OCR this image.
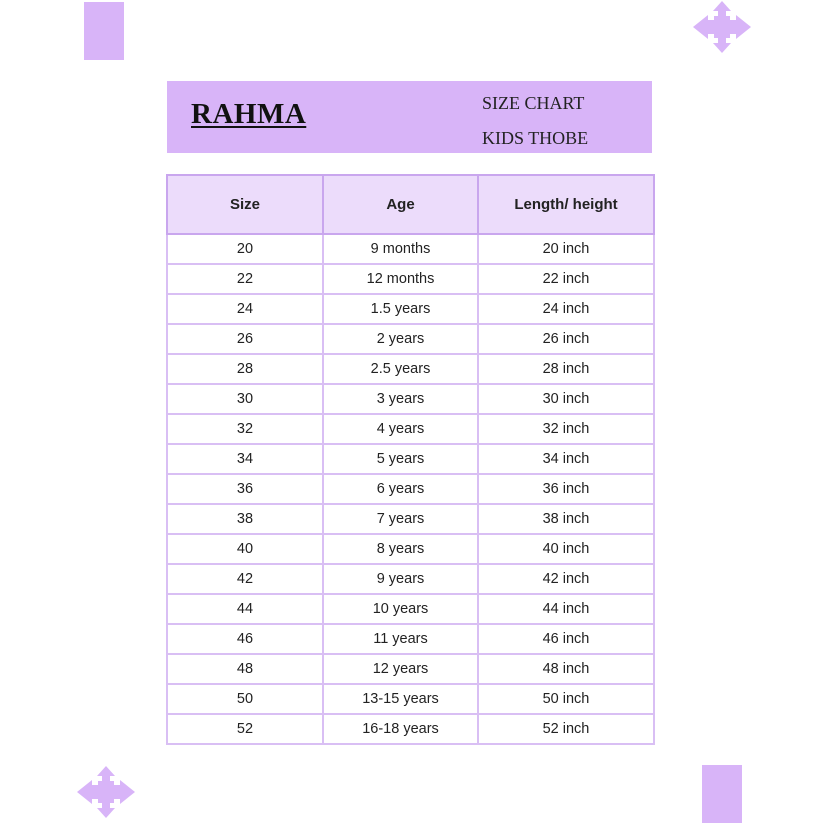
RAHMA	SIZE CHART
KIDS THOBE
Size	Age	Length/ height
20	9 months	20 inch
22	12 months	22 inch
24	1.5 years	24 inch
26	2 years	26 inch
28	2.5 years	28 inch
30	3 years	30 inch
32	4 years	32 inch
34	5 years	34 inch
36	6 years	36 inch
38	7 years	38 inch
40	8 years	40 inch
42	9 years	42 inch
44	10 years	44 inch
46	11 years	46 inch
48	12 years	48 inch
50	13-15 years	50 inch
52	16-18 years	52 inch
